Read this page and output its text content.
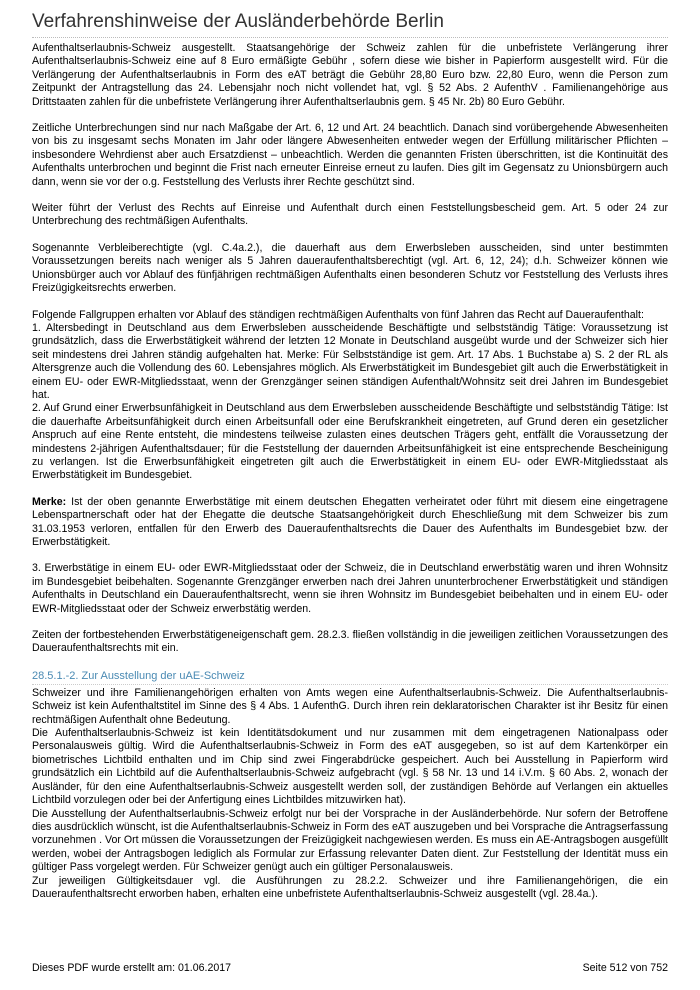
Verfahrenshinweise der Ausländerbehörde Berlin

Aufenthaltserlaubnis-Schweiz ausgestellt. Staatsangehörige der Schweiz zahlen für die unbefristete Verlängerung ihrer Aufenthaltserlaubnis-Schweiz eine auf 8 Euro ermäßigte Gebühr , sofern diese wie bisher in Papierform ausgestellt wird. Für die Verlängerung der Aufenthaltserlaubnis in Form des eAT beträgt die Gebühr 28,80 Euro bzw. 22,80 Euro, wenn die Person zum Zeitpunkt der Antragstellung das 24. Lebensjahr noch nicht vollendet hat, vgl. § 52 Abs. 2 AufenthV . Familienangehörige aus Drittstaaten zahlen für die unbefristete Verlängerung ihrer Aufenthaltserlaubnis gem. § 45 Nr. 2b) 80 Euro Gebühr.

Zeitliche Unterbrechungen sind nur nach Maßgabe der Art. 6, 12 und Art. 24 beachtlich. Danach sind vorübergehende Abwesenheiten von bis zu insgesamt sechs Monaten im Jahr oder längere Abwesenheiten entweder wegen der Erfüllung militärischer Pflichten – insbesondere Wehrdienst aber auch Ersatzdienst – unbeachtlich. Werden die genannten Fristen überschritten, ist die Kontinuität des Aufenthalts unterbrochen und beginnt die Frist nach erneuter Einreise erneut zu laufen. Dies gilt im Gegensatz zu Unionsbürgern auch dann, wenn sie vor der o.g. Feststellung des Verlusts ihrer Rechte geschützt sind.

Weiter führt der Verlust des Rechts auf Einreise und Aufenthalt durch einen Feststellungsbescheid gem. Art. 5 oder 24 zur Unterbrechung des rechtmäßigen Aufenthalts.

Sogenannte Verbleiberechtigte (vgl. C.4a.2.), die dauerhaft aus dem Erwerbsleben ausscheiden, sind unter bestimmten Voraussetzungen bereits nach weniger als 5 Jahren daueraufenthaltsberechtigt (vgl. Art. 6, 12, 24); d.h. Schweizer können wie Unionsbürger auch vor Ablauf des fünfjährigen rechtmäßigen Aufenthalts einen besonderen Schutz vor Feststellung des Verlusts ihres Freizügigkeitsrechts erwerben.

Folgende Fallgruppen erhalten vor Ablauf des ständigen rechtmäßigen Aufenthalts von fünf Jahren das Recht auf Daueraufenthalt:

1. Altersbedingt in Deutschland aus dem Erwerbsleben ausscheidende Beschäftigte und selbstständig Tätige: Voraussetzung ist grundsätzlich, dass die Erwerbstätigkeit während der letzten 12 Monate in Deutschland ausgeübt wurde und der Schweizer sich hier seit mindestens drei Jahren ständig aufgehalten hat. Merke: Für Selbstständige ist gem. Art. 17 Abs. 1 Buchstabe a) S. 2 der RL als Altersgrenze auch die Vollendung des 60. Lebensjahres möglich. Als Erwerbstätigkeit im Bundesgebiet gilt auch die Erwerbstätigkeit in einem EU- oder EWR-Mitgliedsstaat, wenn der Grenzgänger seinen ständigen Aufenthalt/Wohnsitz seit drei Jahren im Bundesgebiet hat.

2. Auf Grund einer Erwerbsunfähigkeit in Deutschland aus dem Erwerbsleben ausscheidende Beschäftigte und selbstständig Tätige: Ist die dauerhafte Arbeitsunfähigkeit durch einen Arbeitsunfall oder eine Berufskrankheit eingetreten, auf Grund deren ein gesetzlicher Anspruch auf eine Rente entsteht, die mindestens teilweise zulasten eines deutschen Trägers geht, entfällt die Voraussetzung der mindestens 2-jährigen Aufenthaltsdauer; für die Feststellung der dauernden Arbeitsunfähigkeit ist eine entsprechende Bescheinigung zu verlangen. Ist die Erwerbsunfähigkeit eingetreten gilt auch die Erwerbstätigkeit in einem EU- oder EWR-Mitgliedsstaat als Erwerbstätigkeit im Bundesgebiet.

Merke: Ist der oben genannte Erwerbstätige mit einem deutschen Ehegatten verheiratet oder führt mit diesem eine eingetragene Lebenspartnerschaft oder hat der Ehegatte die deutsche Staatsangehörigkeit durch Eheschließung mit dem Schweizer bis zum 31.03.1953 verloren, entfallen für den Erwerb des Daueraufenthaltsrechts die Dauer des Aufenthalts im Bundesgebiet bzw. der Erwerbstätigkeit.

3. Erwerbstätige in einem EU- oder EWR-Mitgliedsstaat oder der Schweiz, die in Deutschland erwerbstätig waren und ihren Wohnsitz im Bundesgebiet beibehalten. Sogenannte Grenzgänger erwerben nach drei Jahren ununterbrochener Erwerbstätigkeit und ständigen Aufenthalts in Deutschland ein Daueraufenthaltsrecht, wenn sie ihren Wohnsitz im Bundesgebiet beibehalten und in einem EU- oder EWR-Mitgliedsstaat oder der Schweiz erwerbstätig werden.

Zeiten der fortbestehenden Erwerbstätigeneigenschaft gem. 28.2.3. fließen vollständig in die jeweiligen zeitlichen Voraussetzungen des Daueraufenthaltsrechts mit ein.

28.5.1.-2. Zur Ausstellung der uAE-Schweiz

Schweizer und ihre Familienangehörigen erhalten von Amts wegen eine Aufenthaltserlaubnis-Schweiz. Die Aufenthaltserlaubnis-Schweiz ist kein Aufenthaltstitel im Sinne des § 4 Abs. 1 AufenthG. Durch ihren rein deklaratorischen Charakter ist ihr Besitz für einen rechtmäßigen Aufenthalt ohne Bedeutung.

Die Aufenthaltserlaubnis-Schweiz ist kein Identitätsdokument und nur zusammen mit dem eingetragenen Nationalpass oder Personalausweis gültig. Wird die Aufenthaltserlaubnis-Schweiz in Form des eAT ausgegeben, so ist auf dem Kartenkörper ein biometrisches Lichtbild enthalten und im Chip sind zwei Fingerabdrücke gespeichert. Auch bei Ausstellung in Papierform wird grundsätzlich ein Lichtbild auf die Aufenthaltserlaubnis-Schweiz aufgebracht (vgl. § 58 Nr. 13 und 14 i.V.m. § 60 Abs. 2, wonach der Ausländer, für den eine Aufenthaltserlaubnis-Schweiz ausgestellt werden soll, der zuständigen Behörde auf Verlangen ein aktuelles Lichtbild vorzulegen oder bei der Anfertigung eines Lichtbildes mitzuwirken hat).

Die Ausstellung der Aufenthaltserlaubnis-Schweiz erfolgt nur bei der Vorsprache in der Ausländerbehörde. Nur sofern der Betroffene dies ausdrücklich wünscht, ist die Aufenthaltserlaubnis-Schweiz in Form des eAT auszugeben und bei Vorsprache die Antragserfassung vorzunehmen . Vor Ort müssen die Voraussetzungen der Freizügigkeit nachgewiesen werden. Es muss ein AE-Antragsbogen ausgefüllt werden, wobei der Antragsbogen lediglich als Formular zur Erfassung relevanter Daten dient. Zur Feststellung der Identität muss ein gültiger Pass vorgelegt werden. Für Schweizer genügt auch ein gültiger Personalausweis.

Zur jeweiligen Gültigkeitsdauer vgl. die Ausführungen zu 28.2.2. Schweizer und ihre Familienangehörigen, die ein Daueraufenthaltsrecht erworben haben, erhalten eine unbefristete Aufenthaltserlaubnis-Schweiz ausgestellt (vgl. 28.4a.).

Dieses PDF wurde erstellt am: 01.06.2017	Seite 512 von 752
